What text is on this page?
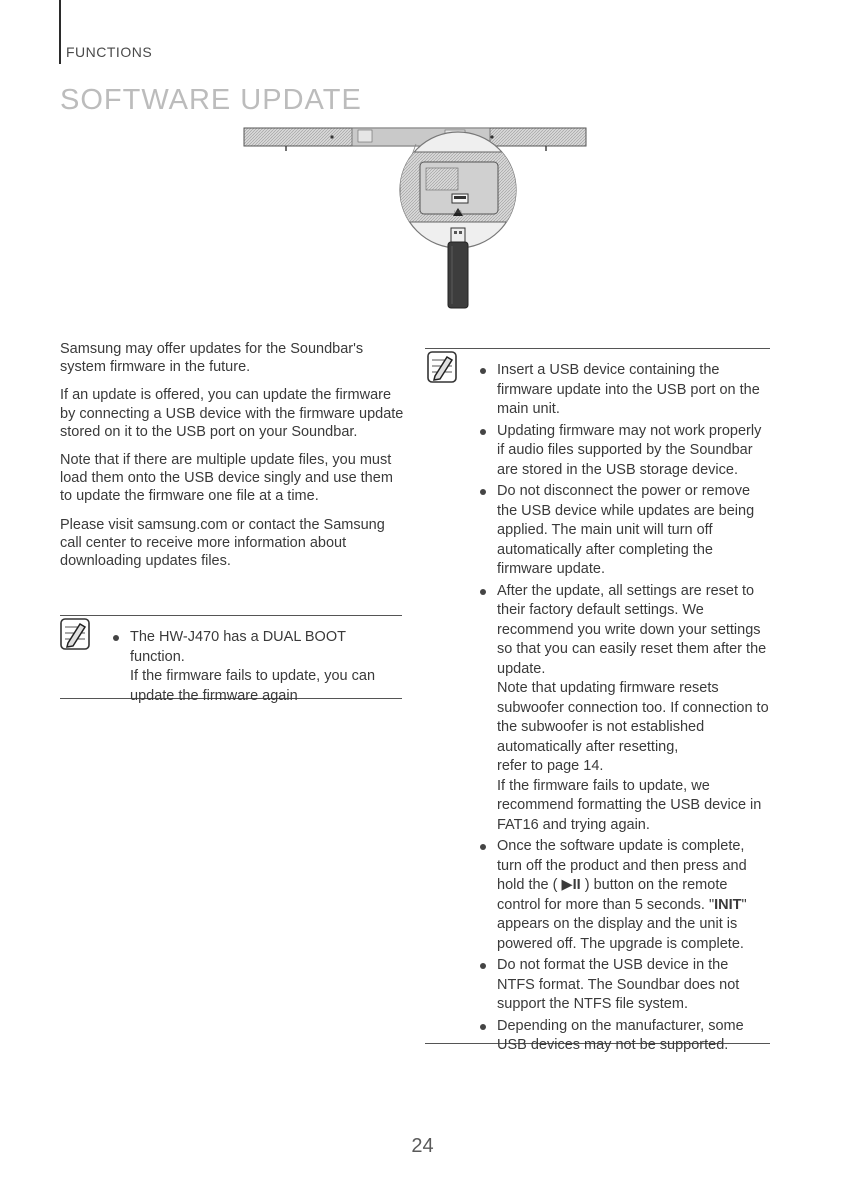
FUNCTIONS
SOFTWARE UPDATE
USB

Samsung may offer updates for the Soundbar's system firmware in the future.

If an update is offered, you can update the firmware by connecting a USB device with the firmware update stored on it to the USB port on your Soundbar.

Note that if there are multiple update files, you must load them onto the USB device singly and use them to update the firmware one file at a time.

Please visit samsung.com or contact the Samsung call center to receive more information about downloading updates files.

The HW-J470 has a DUAL BOOT function.
If the firmware fails to update, you can update the firmware again
Insert a USB device containing the firmware update into the USB port on the main unit.
Updating firmware may not work properly if audio files supported by the Soundbar are stored in the USB storage device.
Do not disconnect the power or remove the USB device while updates are being applied. The main unit will turn off automatically after completing the firmware update.
After the update, all settings are reset to their factory default settings. We recommend you write down your settings so that you can easily reset them after the update.
Note that updating firmware resets subwoofer connection too. If connection to the subwoofer is not established automatically after resetting,
refer to page 14.
If the firmware fails to update, we recommend formatting the USB device in FAT16 and trying again.
Once the software update is complete, turn off the product and then press and hold the ( ▶II ) button on the remote control for more than 5 seconds. "INIT" appears on the display and the unit is powered off. The upgrade is complete.
Do not format the USB device in the NTFS format. The Soundbar does not support the NTFS file system.
Depending on the manufacturer, some USB devices may not be supported.
24
